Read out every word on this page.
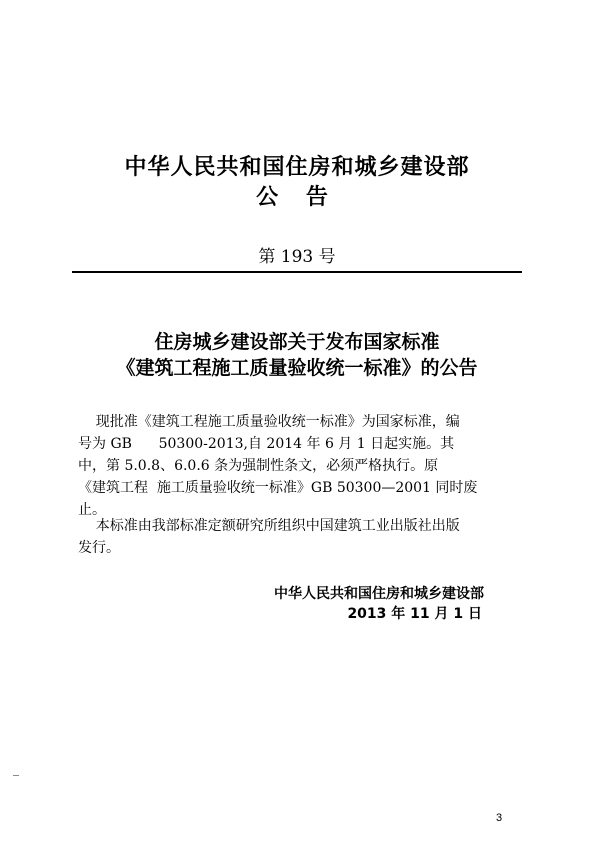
中华人民共和国住房和城乡建设部
公 告
第 193 号
住房城乡建设部关于发布国家标准
《建筑工程施工质量验收统一标准》的公告
现批准《建筑工程施工质量验收统一标准》为国家标准，编
号为 GB      50300-2013,自 2014 年 6 月 1 日起实施。其
中，第 5.0.8、6.0.6 条为强制性条文，必须严格执行。原
《建筑工程  施工质量验收统一标准》GB 50300—2001 同时废
止。
本标准由我部标准定额研究所组织中国建筑工业出版社出版
发行。
中华人民共和国住房和城乡建设部
2013 年 11 月 1 日
3
